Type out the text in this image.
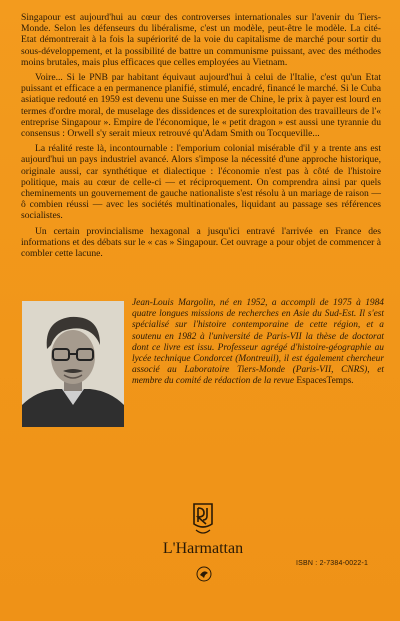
Singapour est aujourd'hui au cœur des controverses internationales sur l'avenir du Tiers-Monde. Selon les défenseurs du libéralisme, c'est un modèle, peut-être le modèle. La cité-Etat démontrerait à la fois la supériorité de la voie du capitalisme de marché pour sortir du sous-développement, et la possibilité de battre un communisme puissant, avec des méthodes moins brutales, mais plus efficaces que celles employées au Vietnam.

Voire... Si le PNB par habitant équivaut aujourd'hui à celui de l'Italie, c'est qu'un Etat puissant et efficace a en permanence planifié, stimulé, encadré, financé le marché. Si le Cuba asiatique redouté en 1959 est devenu une Suisse en mer de Chine, le prix à payer est lourd en termes d'ordre moral, de muselage des dissidences et de surexploitation des travailleurs de l'« entreprise Singapour ». Empire de l'économique, le « petit dragon » est aussi une tyrannie du consensus : Orwell s'y serait mieux retrouvé qu'Adam Smith ou Tocqueville...

La réalité reste là, incontournable : l'emporium colonial misérable d'il y a trente ans est aujourd'hui un pays industriel avancé. Alors s'impose la nécessité d'une approche historique, originale aussi, car synthétique et dialectique : l'économie n'est pas à côté de l'histoire politique, mais au cœur de celle-ci — et réciproquement. On comprendra ainsi par quels cheminements un gouvernement de gauche nationaliste s'est résolu à un mariage de raison — ô combien réussi — avec les sociétés multinationales, liquidant au passage ses références socialistes.

Un certain provincialisme hexagonal a jusqu'ici entravé l'arrivée en France des informations et des débats sur le « cas » Singapour. Cet ouvrage a pour objet de commencer à combler cette lacune.

Jean-Louis Margolin, né en 1952, a accompli de 1975 à 1984 quatre longues missions de recherches en Asie du Sud-Est. Il s'est spécialisé sur l'histoire contemporaine de cette région, et a soutenu en 1982 à l'université de Paris-VII la thèse de doctorat dont ce livre est issu. Professeur agrégé d'histoire-géographie au lycée technique Condorcet (Montreuil), il est également chercheur associé au Laboratoire Tiers-Monde (Paris-VII, CNRS), et membre du comité de rédaction de la revue EspacesTemps.
L'Harmattan
ISBN : 2-7384-0022-1
